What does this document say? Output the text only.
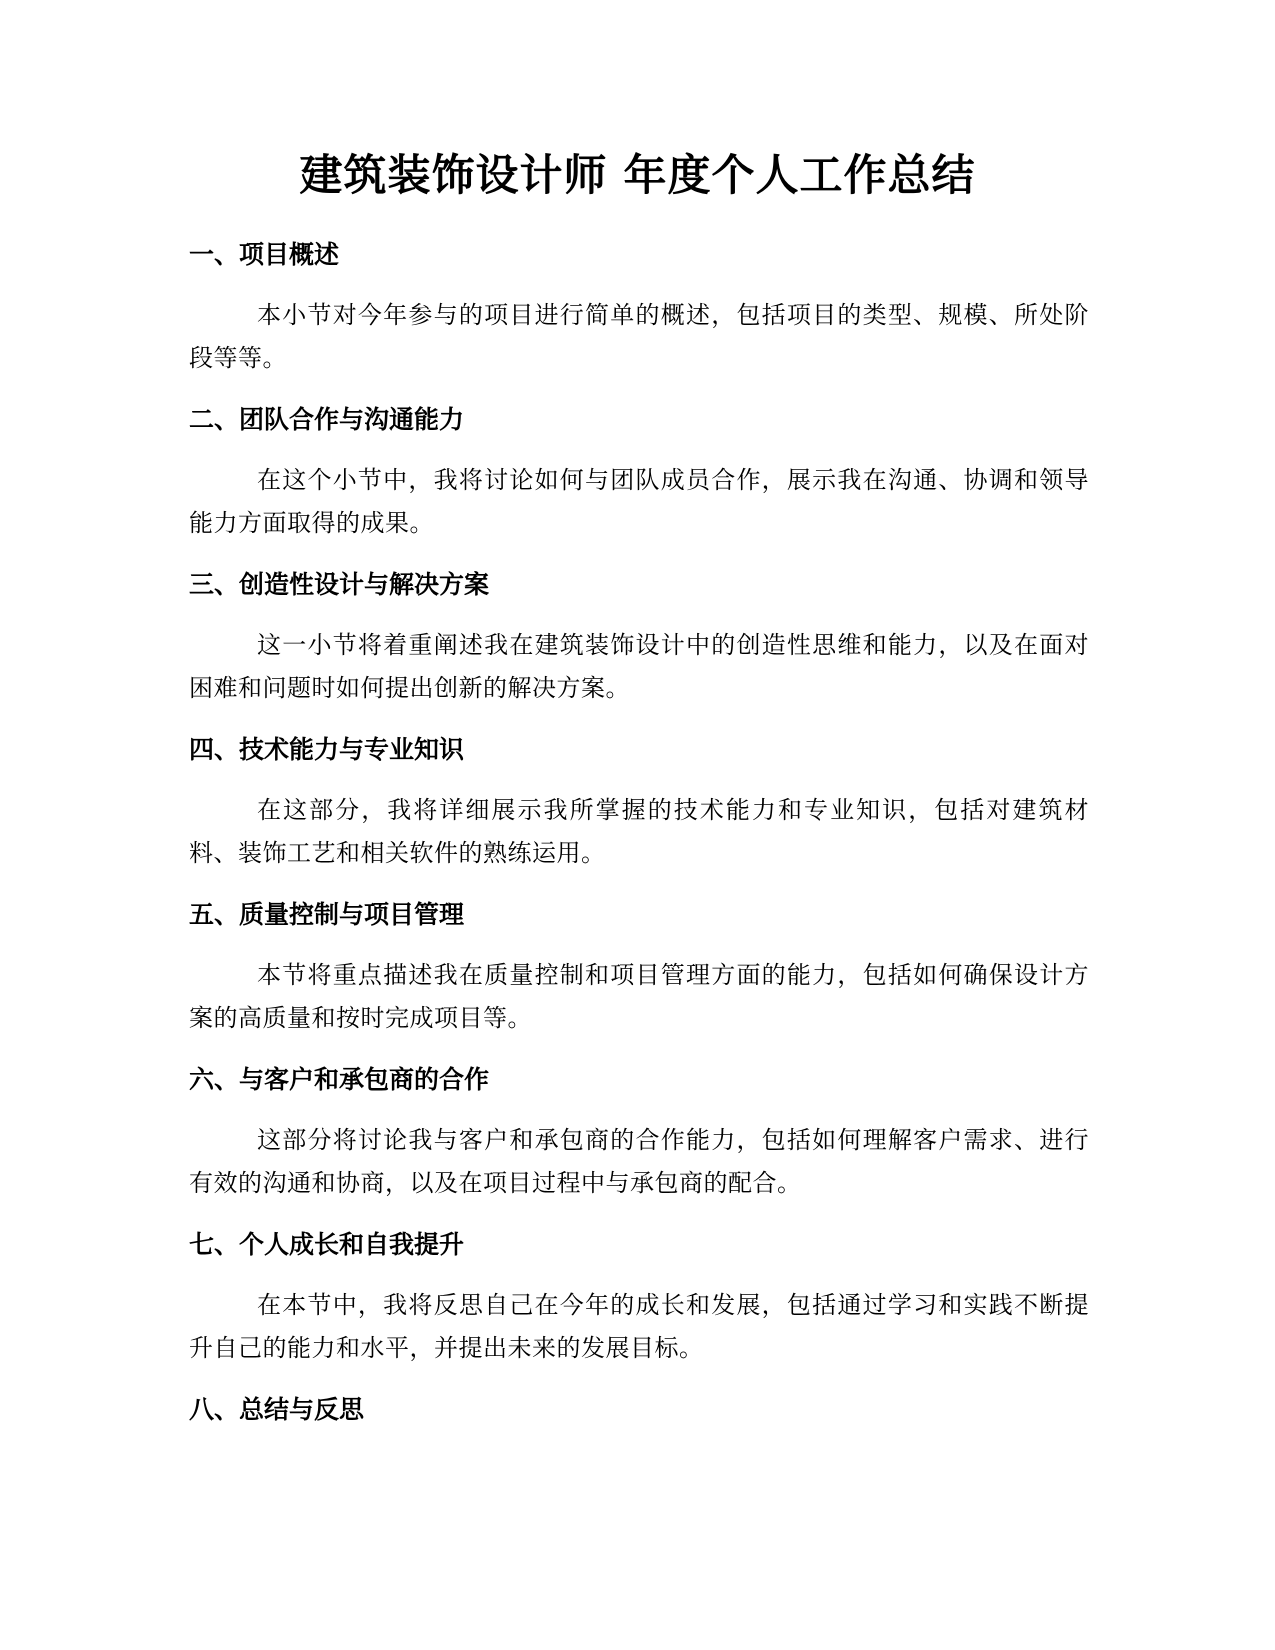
建筑装饰设计师 年度个人工作总结
一、项目概述

本小节对今年参与的项目进行简单的概述，包括项目的类型、规模、所处阶段等等。

二、团队合作与沟通能力

在这个小节中，我将讨论如何与团队成员合作，展示我在沟通、协调和领导能力方面取得的成果。

三、创造性设计与解决方案

这一小节将着重阐述我在建筑装饰设计中的创造性思维和能力，以及在面对困难和问题时如何提出创新的解决方案。

四、技术能力与专业知识

在这部分，我将详细展示我所掌握的技术能力和专业知识，包括对建筑材料、装饰工艺和相关软件的熟练运用。

五、质量控制与项目管理

本节将重点描述我在质量控制和项目管理方面的能力，包括如何确保设计方案的高质量和按时完成项目等。

六、与客户和承包商的合作

这部分将讨论我与客户和承包商的合作能力，包括如何理解客户需求、进行有效的沟通和协商，以及在项目过程中与承包商的配合。

七、个人成长和自我提升

在本节中，我将反思自己在今年的成长和发展，包括通过学习和实践不断提升自己的能力和水平，并提出未来的发展目标。

八、总结与反思
